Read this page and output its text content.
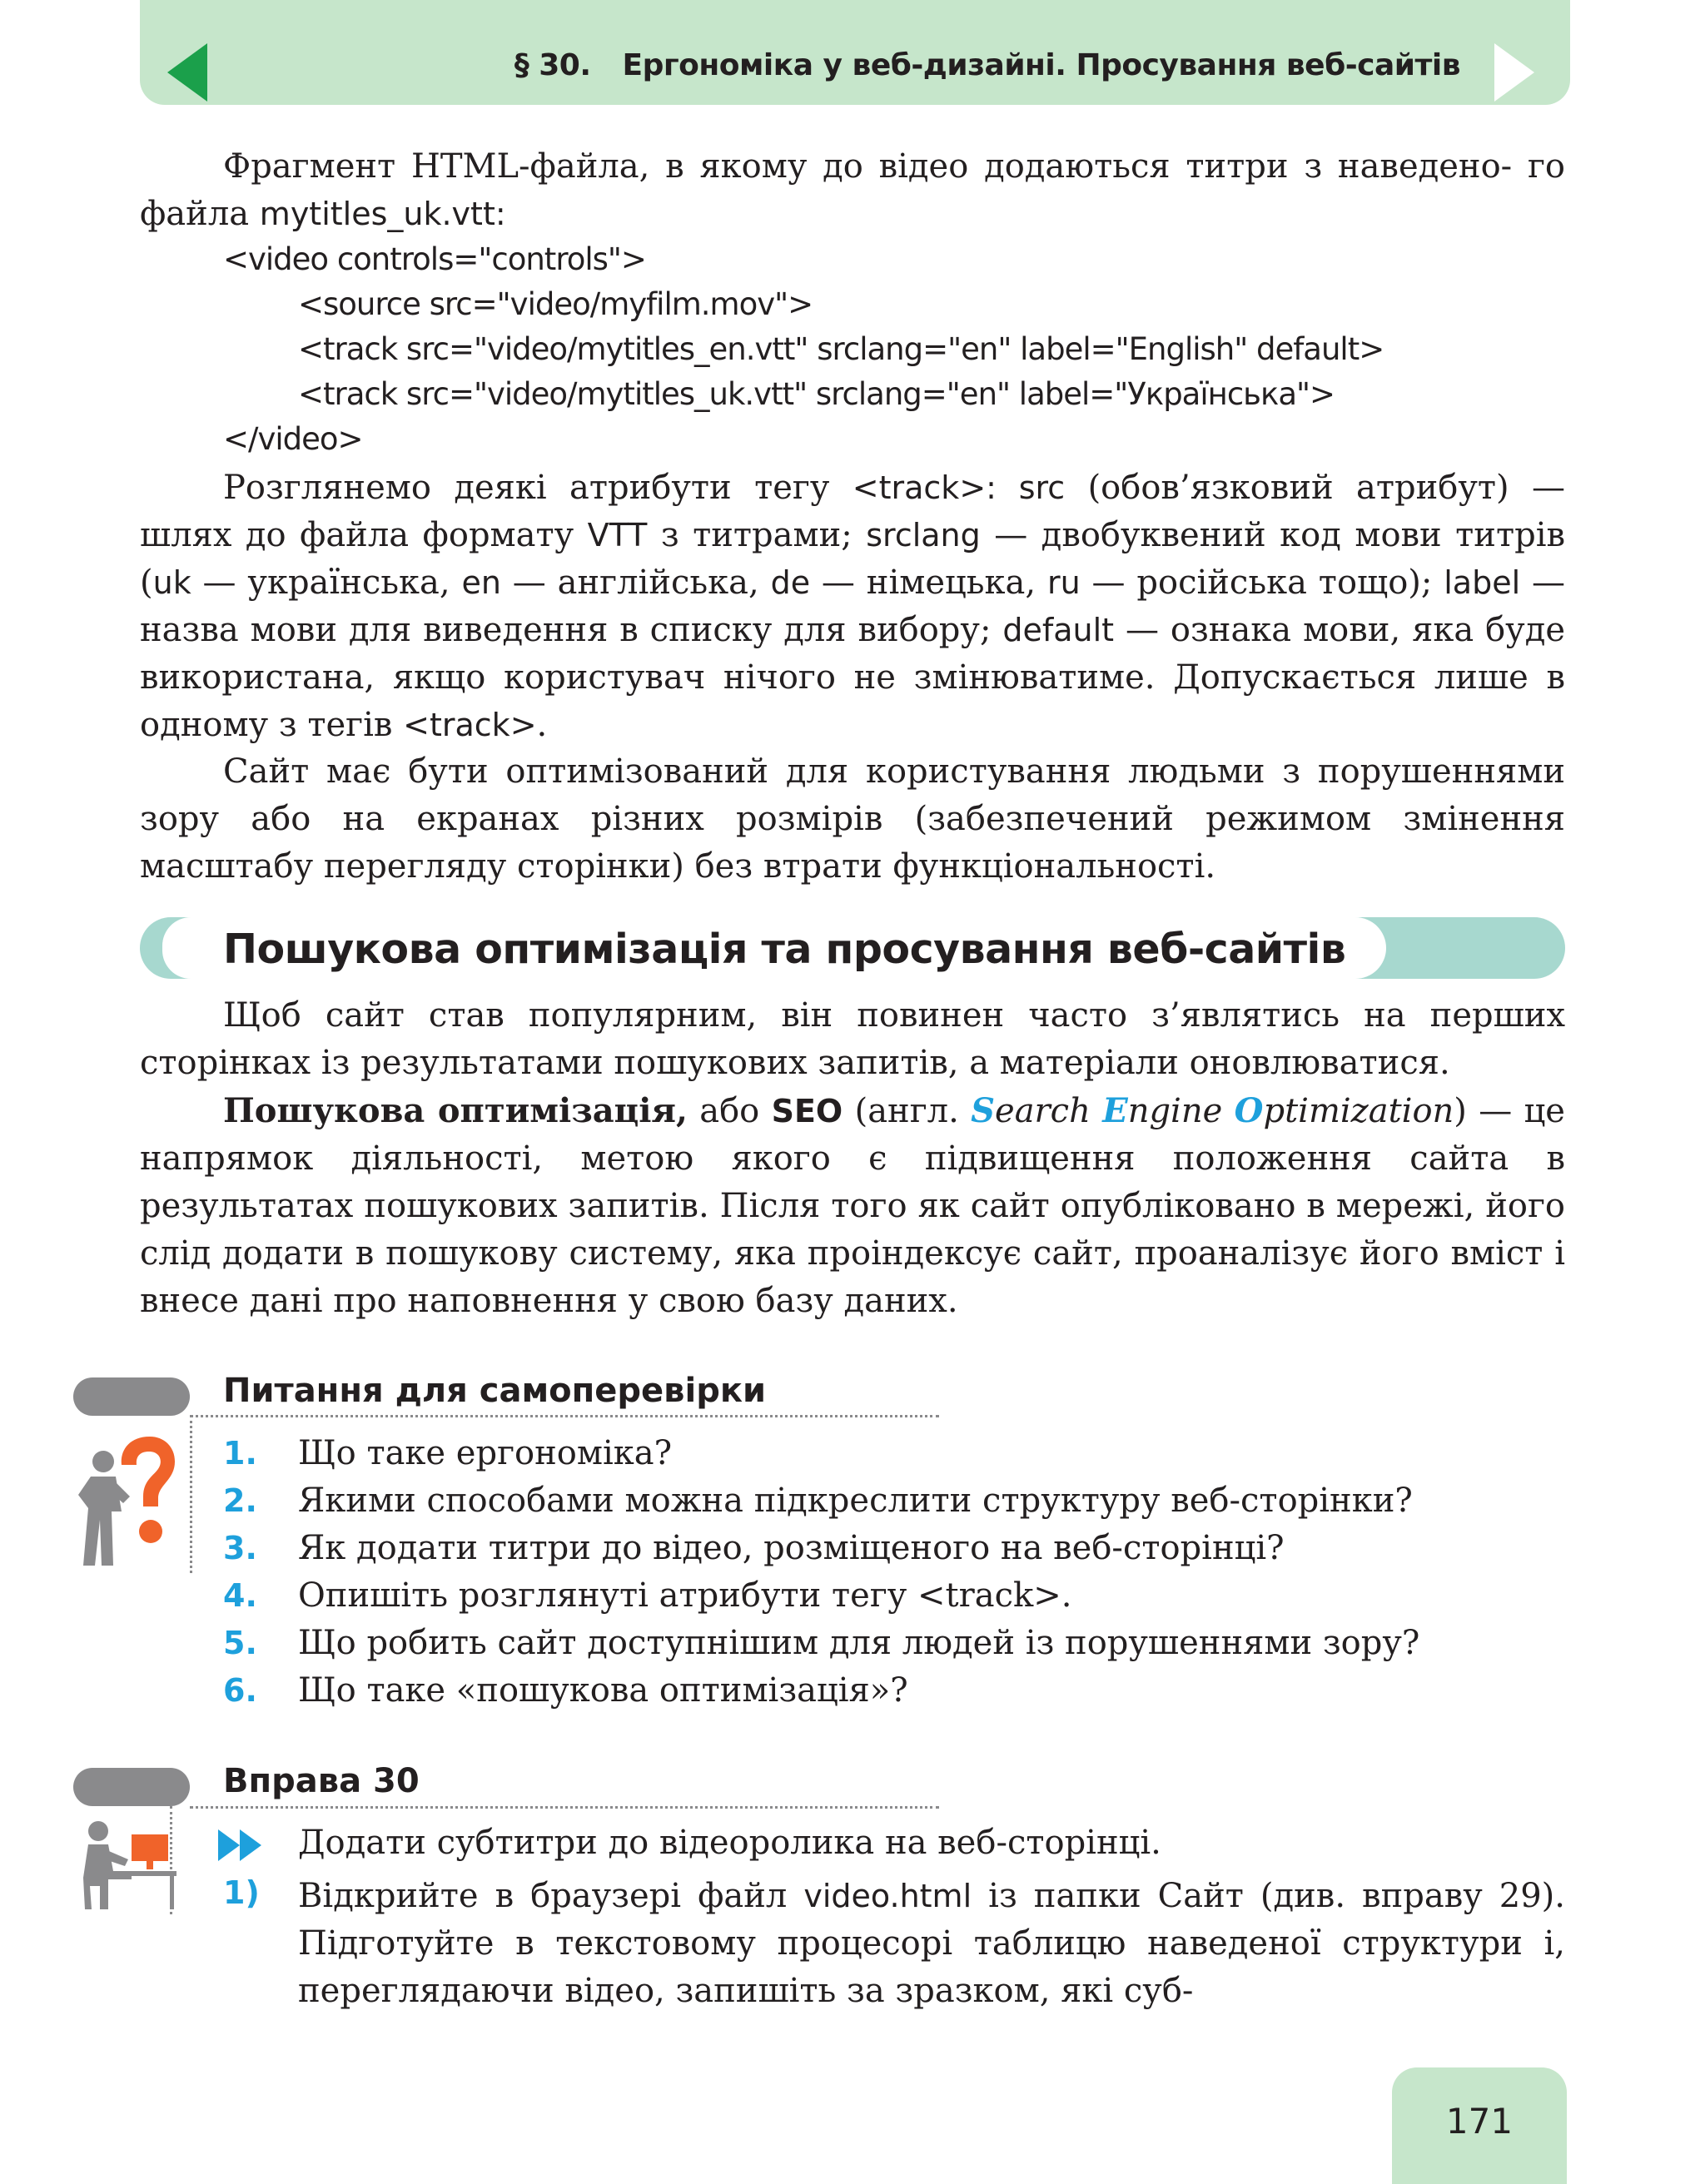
§ 30. Ергономіка у веб-дизайні. Просування веб-сайтів

Фрагмент HTML-файла, в якому до відео додаються титри з наведено- го файла mytitles_uk.vtt:

<video controls="controls">
<source src="video/myfilm.mov">
<track src="video/mytitles_en.vtt" srclang="en" label="English" default>
<track src="video/mytitles_uk.vtt" srclang="en" label="Українська">
</video>

Розглянемо деякі атрибути тегу <track>: src (обов’язковий атрибут) — шлях до файла формату VTT з титрами; srclang — двобуквений код мови титрів (uk — українська, en — англійська, de — німецька, ru — російська тощо); label — назва мови для виведення в списку для вибору; default — ознака мови, яка буде використана, якщо користувач нічого не змінюватиме. Допускається лише в одному з тегів <track>.

Сайт має бути оптимізований для користування людьми з порушеннями зору або на екранах різних розмірів (забезпечений режимом змінення масштабу перегляду сторінки) без втрати функціональності.

Пошукова оптимізація та просування веб-сайтів

Щоб сайт став популярним, він повинен часто з’являтись на перших сторінках із результатами пошукових запитів, а матеріали оновлюватися.

Пошукова оптимізація, або SEO (англ. Search Engine Optimization) — це напрямок діяльності, метою якого є підвищення положення сайта в результатах пошукових запитів. Після того як сайт опубліковано в мережі, його слід додати в пошукову систему, яка проіндексує сайт, проаналізує його вміст і внесе дані про наповнення у свою базу даних.

Питання для самоперевірки
1. Що таке ергономіка?
2. Якими способами можна підкреслити структуру веб-сторінки?
3. Як додати титри до відео, розміщеного на веб-сторінці?
4. Опишіть розглянуті атрибути тегу <track>.
5. Що робить сайт доступнішим для людей із порушеннями зору?
6. Що таке «пошукова оптимізація»?
Вправа 30
Додати субтитри до відеоролика на веб-сторінці.
1) Відкрийте в браузері файл video.html із папки Сайт (див. вправу 29). Підготуйте в текстовому процесорі таблицю наведеної структури і, переглядаючи відео, запишіть за зразком, які суб-

171
